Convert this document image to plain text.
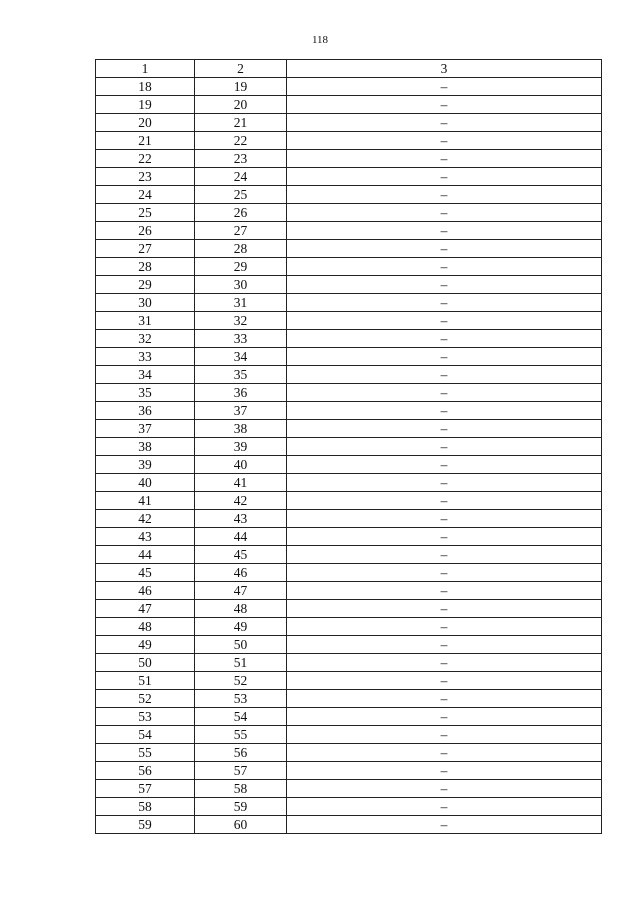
118
1	2	3
18	19	–
19	20	–
20	21	–
21	22	–
22	23	–
23	24	–
24	25	–
25	26	–
26	27	–
27	28	–
28	29	–
29	30	–
30	31	–
31	32	–
32	33	–
33	34	–
34	35	–
35	36	–
36	37	–
37	38	–
38	39	–
39	40	–
40	41	–
41	42	–
42	43	–
43	44	–
44	45	–
45	46	–
46	47	–
47	48	–
48	49	–
49	50	–
50	51	–
51	52	–
52	53	–
53	54	–
54	55	–
55	56	–
56	57	–
57	58	–
58	59	–
59	60	–
